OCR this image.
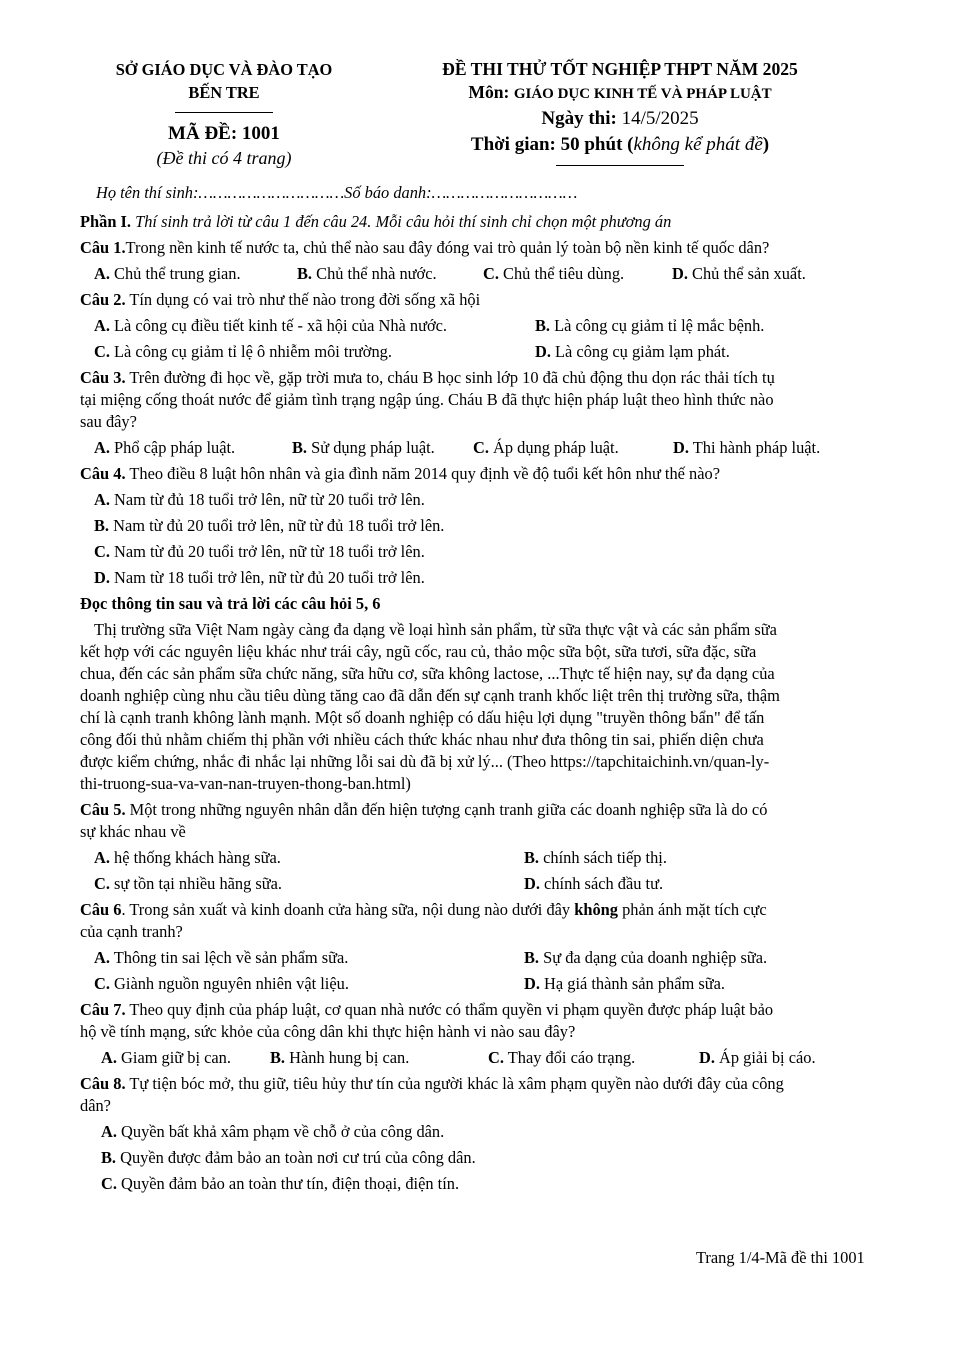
SỞ GIÁO DỤC VÀ ĐÀO TẠO
BẾN TRE
MÃ ĐỀ: 1001
(Đề thi có 4 trang)
ĐỀ THI THỬ TỐT NGHIỆP THPT NĂM 2025
Môn: GIÁO DỤC KINH TẾ VÀ PHÁP LUẬT
Ngày thi: 14/5/2025
Thời gian: 50 phút (không kể phát đề)
Họ tên thí sinh:…………………………Số báo danh:…………………………
Phần I. Thí sinh trả lời từ câu 1 đến câu 24. Mỗi câu hỏi thí sinh chỉ chọn một phương án
Câu 1.Trong nền kinh tế nước ta, chủ thể nào sau đây đóng vai trò quản lý toàn bộ nền kinh tế quốc dân?
A. Chủ thể trung gian.	B. Chủ thể nhà nước.	C. Chủ thể tiêu dùng.	D. Chủ thể sản xuất.
Câu 2. Tín dụng có vai trò như thế nào trong đời sống xã hội
A. Là công cụ điều tiết kinh tế - xã hội của Nhà nước.	B. Là công cụ giảm tỉ lệ mắc bệnh.
C. Là công cụ giảm tỉ lệ ô nhiễm môi trường.	D. Là công cụ giảm lạm phát.
Câu 3. Trên đường đi học về, gặp trời mưa to, cháu B học sinh lớp 10 đã chủ động thu dọn rác thải tích tụ
tại miệng cống thoát nước để giảm tình trạng ngập úng. Cháu B đã thực hiện pháp luật theo hình thức nào
sau đây?
A. Phổ cập pháp luật.	B. Sử dụng pháp luật. C. Áp dụng pháp luật.	D. Thi hành pháp luật.
Câu 4. Theo điều 8 luật hôn nhân và gia đình năm 2014 quy định về độ tuổi kết hôn như thế nào?
A. Nam từ đủ 18 tuổi trở lên, nữ từ 20 tuổi trở lên.
B. Nam từ đủ 20 tuổi trở lên, nữ từ đủ 18 tuổi trở lên.
C. Nam từ đủ 20 tuổi trở lên, nữ từ 18 tuổi trở lên.
D. Nam từ 18 tuổi trở lên, nữ từ đủ 20 tuổi trở lên.
Đọc thông tin sau và trả lời các câu hỏi 5, 6
Thị trường sữa Việt Nam ngày càng đa dạng về loại hình sản phẩm, từ sữa thực vật và các sản phẩm sữa
kết hợp với các nguyên liệu khác như trái cây, ngũ cốc, rau củ, thảo mộc sữa bột, sữa tươi, sữa đặc, sữa
chua, đến các sản phẩm sữa chức năng, sữa hữu cơ, sữa không lactose, ...Thực tế hiện nay, sự đa dạng của
doanh nghiệp cùng nhu cầu tiêu dùng tăng cao đã dẫn đến sự cạnh tranh khốc liệt trên thị trường sữa, thậm
chí là cạnh tranh không lành mạnh. Một số doanh nghiệp có dấu hiệu lợi dụng "truyền thông bẩn" để tấn
công đối thủ nhằm chiếm thị phần với nhiều cách thức khác nhau như đưa thông tin sai, phiến diện chưa
được kiểm chứng, nhắc đi nhắc lại những lỗi sai dù đã bị xử lý... (Theo https://tapchitaichinh.vn/quan-ly-
thi-truong-sua-va-van-nan-truyen-thong-ban.html)
Câu 5. Một trong những nguyên nhân dẫn đến hiện tượng cạnh tranh giữa các doanh nghiệp sữa là do có
sự khác nhau về
A. hệ thống khách hàng sữa.	B. chính sách tiếp thị.
C. sự tồn tại nhiều hãng sữa.	D. chính sách đầu tư.
Câu 6. Trong sản xuất và kinh doanh cửa hàng sữa, nội dung nào dưới đây không phản ánh mặt tích cực
của cạnh tranh?
A. Thông tin sai lệch về sản phẩm sữa.	B. Sự đa dạng của doanh nghiệp sữa.
C. Giành nguồn nguyên nhiên vật liệu.	D. Hạ giá thành sản phẩm sữa.
Câu 7. Theo quy định của pháp luật, cơ quan nhà nước có thẩm quyền vi phạm quyền được pháp luật bảo
hộ về tính mạng, sức khỏe của công dân khi thực hiện hành vi nào sau đây?
A. Giam giữ bị can. B. Hành hung bị can.	C. Thay đổi cáo trạng.	D. Áp giải bị cáo.
Câu 8. Tự tiện bóc mở, thu giữ, tiêu hủy thư tín của người khác là xâm phạm quyền nào dưới đây của công
dân?
A. Quyền bất khả xâm phạm về chỗ ở của công dân.
B. Quyền được đảm bảo an toàn nơi cư trú của công dân.
C. Quyền đảm bảo an toàn thư tín, điện thoại, điện tín.
Trang 1/4-Mã đề thi 1001
